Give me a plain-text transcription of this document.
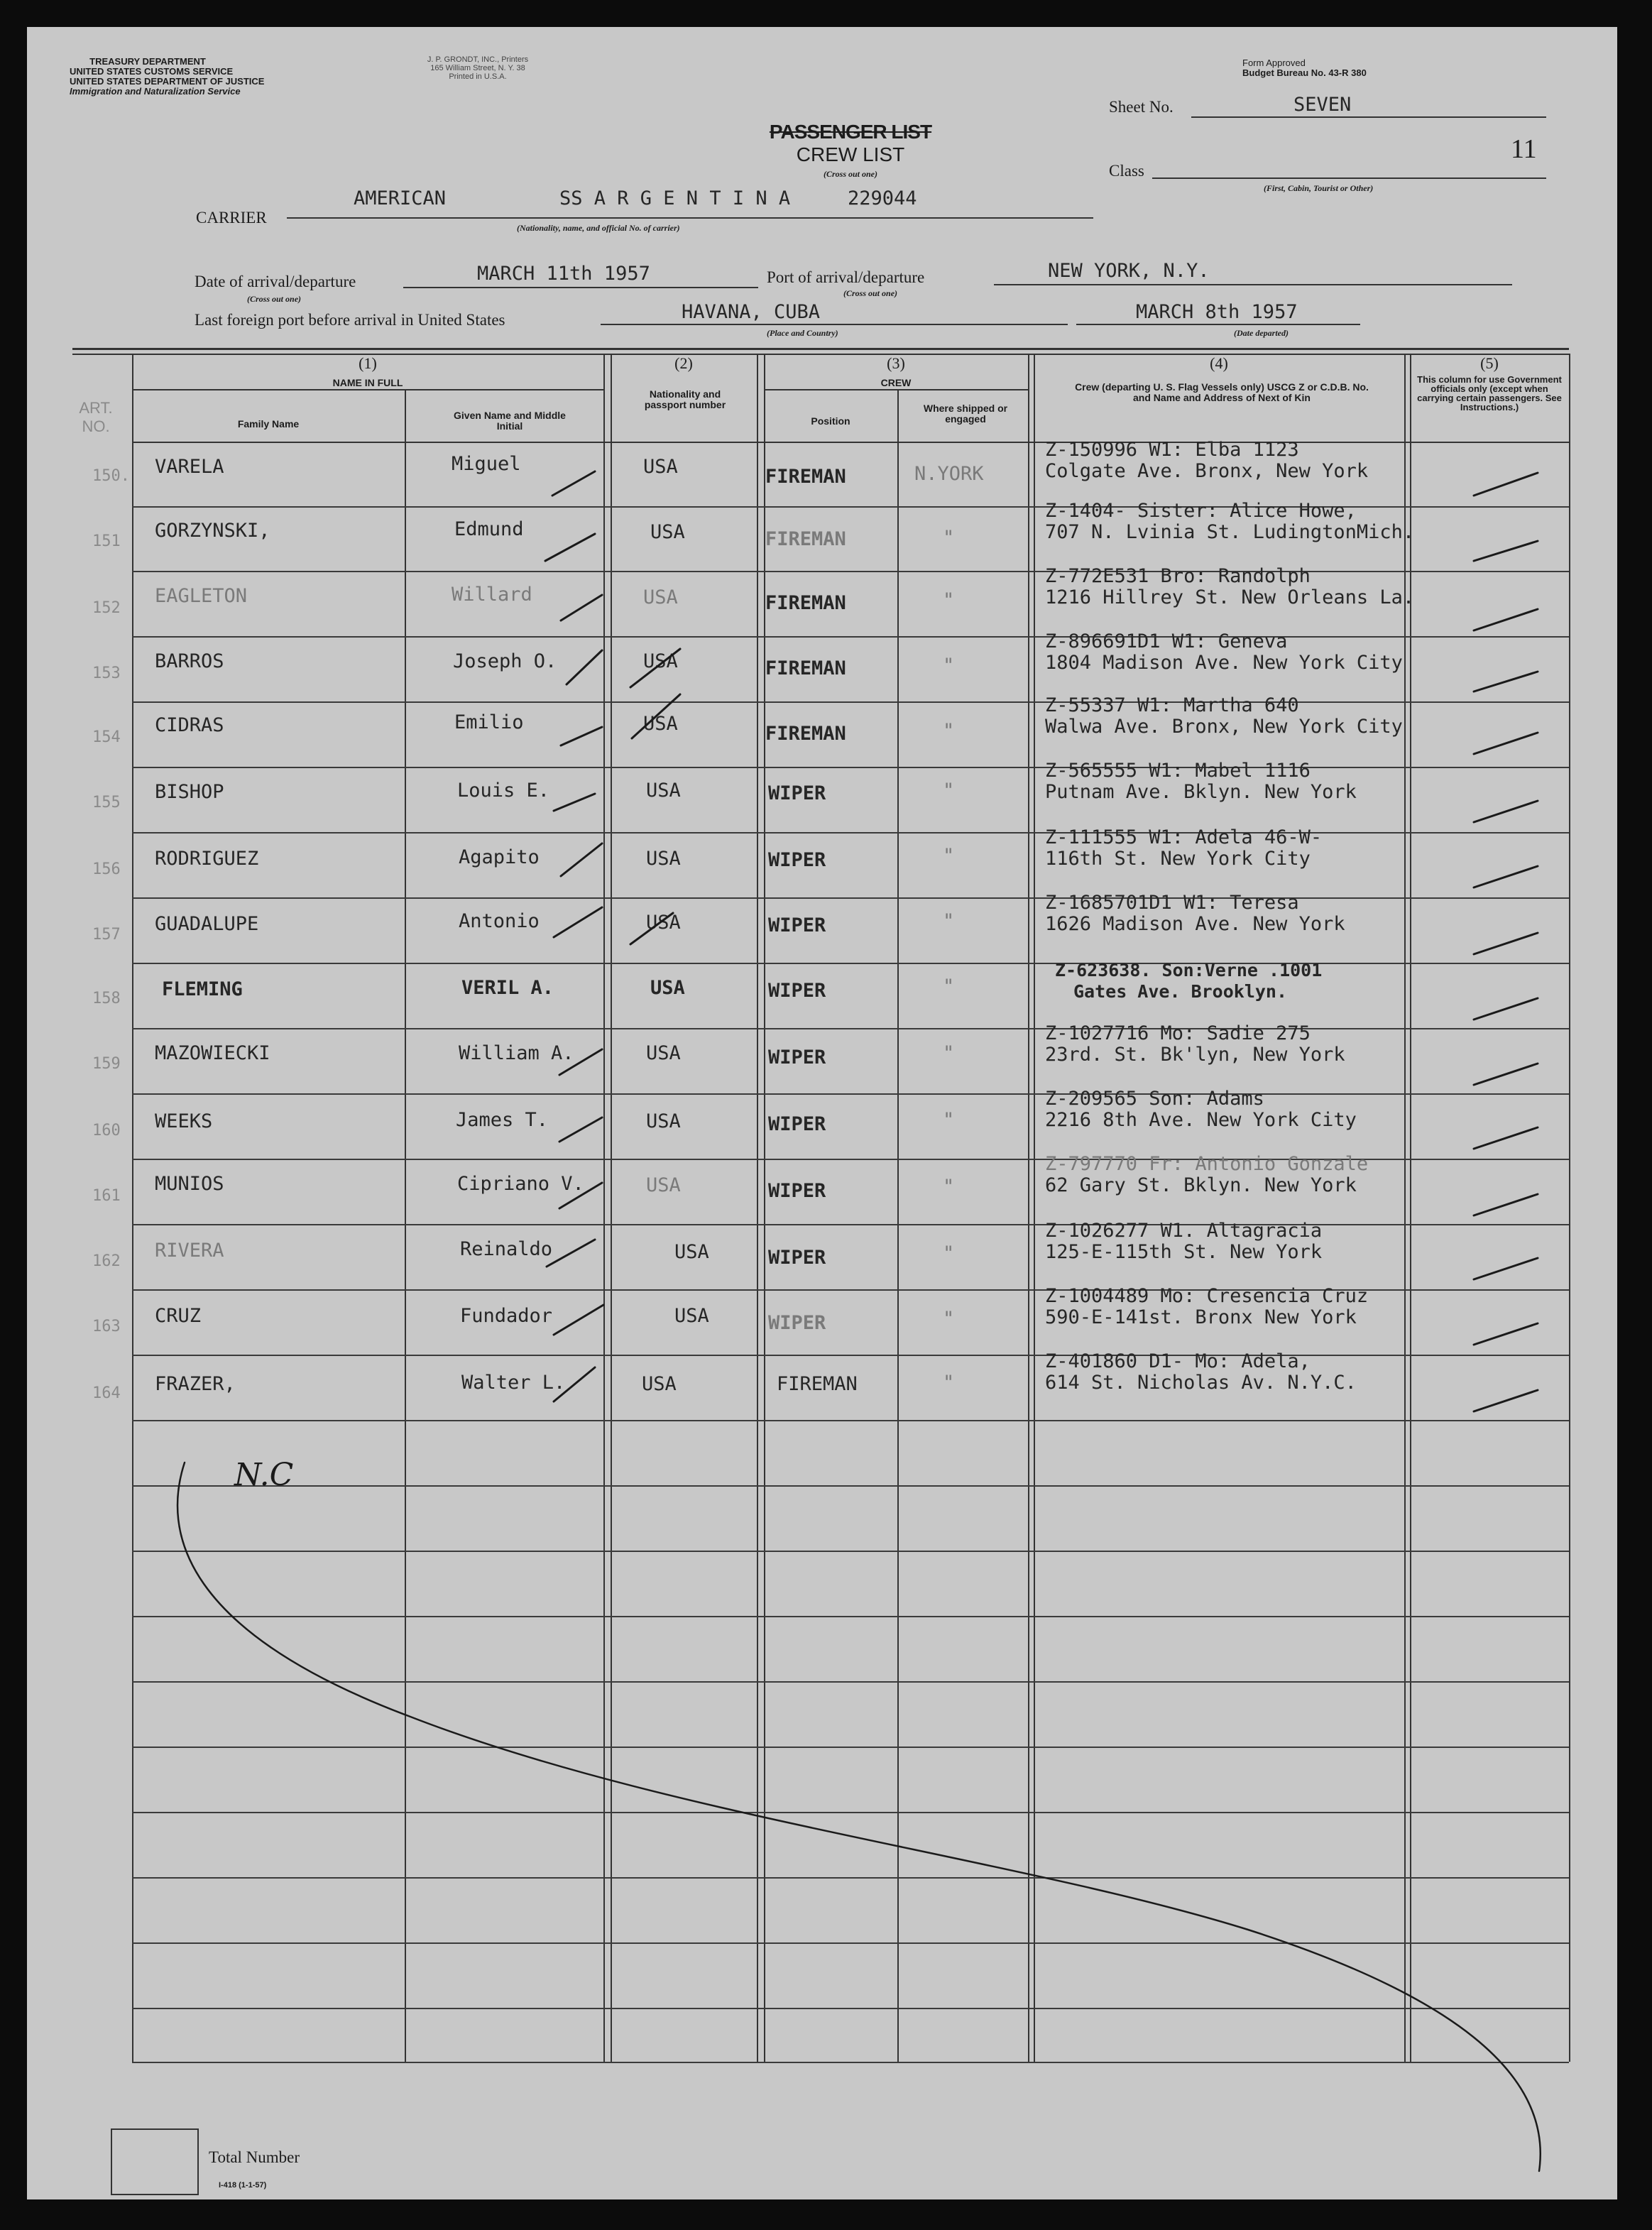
TREASURY DEPARTMENT
UNITED STATES CUSTOMS SERVICE
UNITED STATES DEPARTMENT OF JUSTICE
Immigration and Naturalization Service
J. P. GRONDT, INC., Printers
165 William Street, N. Y. 38
Printed in U.S.A.
Form Approved
Budget Bureau No. 43-R 380
Sheet No.	SEVEN
11
PASSENGER LIST
CREW LIST
(Cross out one)	Class
(First, Cabin, Tourist or Other)
CARRIER
AMERICAN	SS A R G E N T I N A	229044
(Nationality, name, and official No. of carrier)
Date of arrival/departure
(Cross out one)
MARCH 11th 1957	Port of arrival/departure
(Cross out one)
NEW YORK, N.Y.
Last foreign port before arrival in United States	HAVANA, CUBA
(Place and Country)
MARCH 8th 1957
(Date departed)
ART. NO.
(1)
NAME IN FULL
Family Name
Given Name and Middle Initial
(2)
Nationality and passport number
(3)
CREW
Position
Where shipped or engaged
(4)
Crew (departing U. S. Flag Vessels only) USCG Z or C.D.B. No. and Name and Address of Next of Kin
(5)
This column for use Government officials only (except when carrying certain passengers. See Instructions.)
150. VARELA	Miguel	USA	FIREMAN	N.YORK
Z-150996 W1: Elba 1123
Colgate Ave. Bronx, New York
151 GORZYNSKI,	Edmund	USA	FIREMAN	"
Z-1404- Sister: Alice Howe,
707 N. Lvinia St. LudingtonMich.
152
EAGLETON	Willard	USA	FIREMAN	"
Z-772E531 Bro: Randolph
1216 Hillrey St. New Orleans La.
153
BARROS	Joseph O.	USA	FIREMAN	"
Z-896691D1 W1: Geneva
1804 Madison Ave. New York City
154
CIDRAS	Emilio	USA	FIREMAN	"
Z-55337 W1: Martha 640
Walwa Ave. Bronx, New York City
155 BISHOP	Louis E.	USA	WIPER	"
Z-565555 W1: Mabel 1116
Putnam Ave. Bklyn. New York
156 RODRIGUEZ	Agapito	USA	WIPER	"
Z-111555 W1: Adela 46-W-
116th St. New York City
157 GUADALUPE	Antonio	USA	WIPER	"
Z-1685701D1 W1: Teresa
1626 Madison Ave. New York
158 FLEMING	VERIL A.	USA	WIPER	"
Z-623638. Son:Verne .1001
Gates Ave. Brooklyn.
159 MAZOWIECKI	William A.	USA	WIPER	"
Z-1027716 Mo: Sadie 275
23rd. St. Bk'lyn, New York
160 WEEKS	James T.	USA	WIPER	"
Z-209565 Son: Adams
2216 8th Ave. New York City
161
MUNIOS	Cipriano V.	USA	WIPER	"
Z-797770 Fr: Antonio Gonzale
62 Gary St. Bklyn. New York
162 RIVERA	Reinaldo	USA	WIPER	"
Z-1026277 W1. Altagracia
125-E-115th St. New York
163 CRUZ	Fundador	USA	WIPER	"
Z-1004489 Mo: Cresencia Cruz
590-E-141st. Bronx New York
164 FRAZER,	Walter L.	USA	FIREMAN	"
Z-401860 D1- Mo: Adela,
614 St. Nicholas Av. N.Y.C.
N.C
Total Number
I-418 (1-1-57)
